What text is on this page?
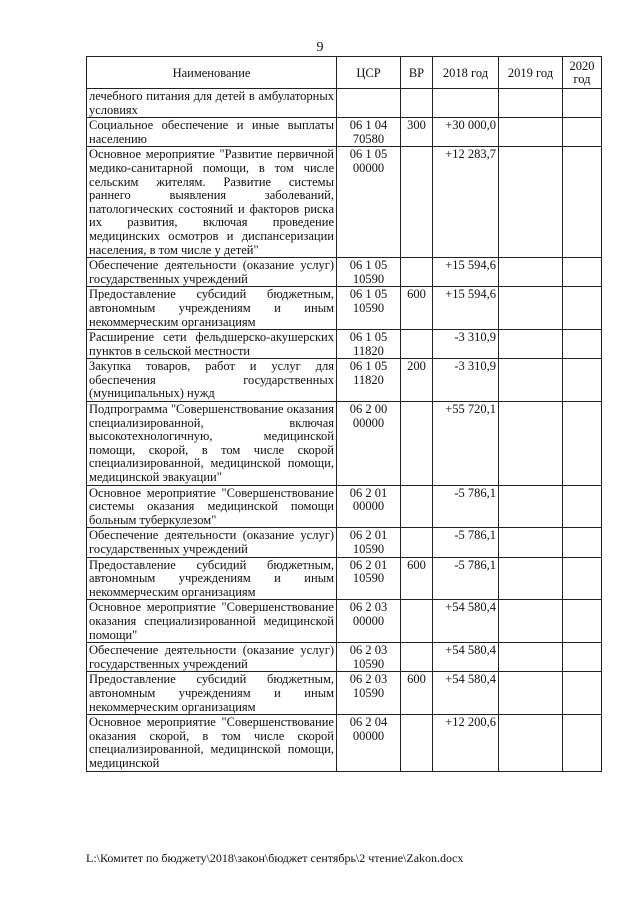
9
Наименование	ЦСР	ВР	2018 год	2019 год	2020 год
лечебного питания для детей в амбулаторных условиях					
Социальное обеспечение и иные выплаты населению	06 1 04 70580	300	+30 000,0		
Основное мероприятие "Развитие первичной медико-санитарной помощи, в том числе сельским жителям. Развитие системы раннего выявления заболеваний, патологических состояний и факторов риска их развития, включая проведение медицинских осмотров и диспансеризации населения, в том числе у детей"	06 1 05 00000		+12 283,7		
Обеспечение деятельности (оказание услуг) государственных учреждений	06 1 05 10590		+15 594,6		
Предоставление субсидий бюджетным, автономным учреждениям и иным некоммерческим организациям	06 1 05 10590	600	+15 594,6		
Расширение сети фельдшерско-акушерских пунктов в сельской местности	06 1 05 11820		-3 310,9		
Закупка товаров, работ и услуг для обеспечения государственных (муниципальных) нужд	06 1 05 11820	200	-3 310,9		
Подпрограмма "Совершенствование оказания специализированной, включая высокотехнологичную, медицинской помощи, скорой, в том числе скорой специализированной, медицинской помощи, медицинской эвакуации"	06 2 00 00000		+55 720,1		
Основное мероприятие "Совершенствование системы оказания медицинской помощи больным туберкулезом"	06 2 01 00000		-5 786,1		
Обеспечение деятельности (оказание услуг) государственных учреждений	06 2 01 10590		-5 786,1		
Предоставление субсидий бюджетным, автономным учреждениям и иным некоммерческим организациям	06 2 01 10590	600	-5 786,1		
Основное мероприятие "Совершенствование оказания специализированной медицинской помощи"	06 2 03 00000		+54 580,4		
Обеспечение деятельности (оказание услуг) государственных учреждений	06 2 03 10590		+54 580,4		
Предоставление субсидий бюджетным, автономным учреждениям и иным некоммерческим организациям	06 2 03 10590	600	+54 580,4		
Основное мероприятие "Совершенствование оказания скорой, в том числе скорой специализированной, медицинской помощи, медицинской	06 2 04 00000		+12 200,6		
L:\Комитет по бюджету\2018\закон\бюджет сентябрь\2 чтение\Zakon.docx
